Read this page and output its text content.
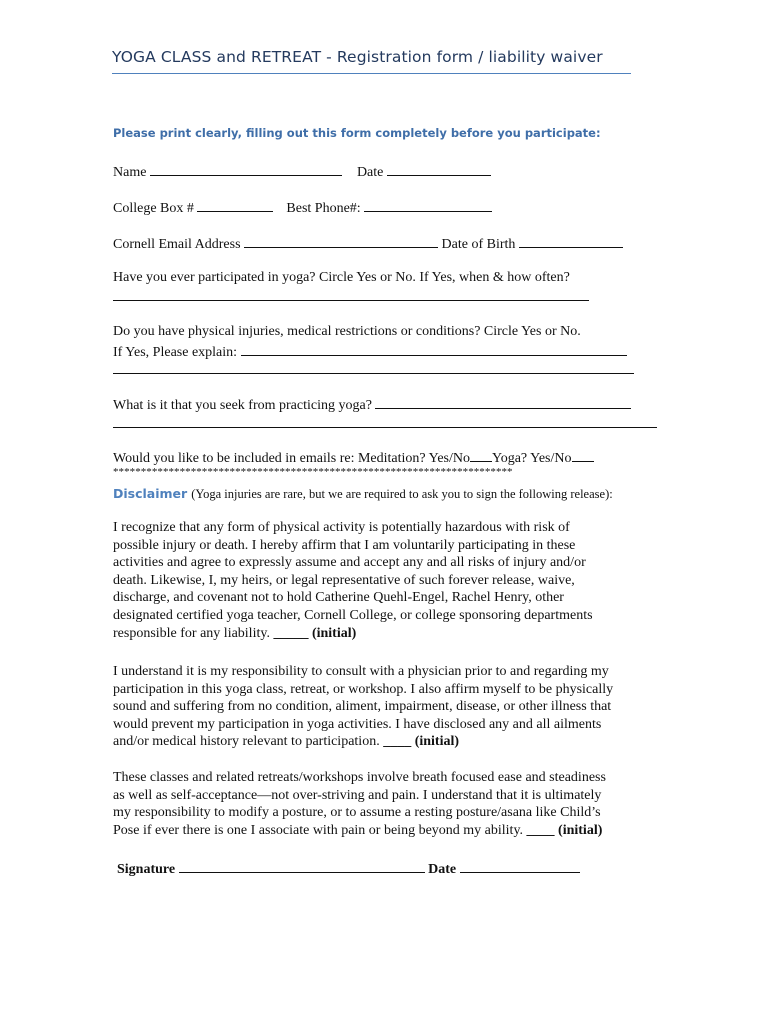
YOGA CLASS and RETREAT - Registration form / liability waiver
Please print clearly, filling out this form completely before you participate:
Name	Date
College Box #	Best Phone#:
Cornell Email Address	Date of Birth
Have you ever participated in yoga? Circle Yes or No. If Yes, when & how often?
Do you have physical injuries, medical restrictions or conditions? Circle Yes or No.
If Yes, Please explain:
What is it that you seek from practicing yoga?
Would you like to be included in emails re: Meditation? Yes/No Yoga? Yes/No
************************************************************************
Disclaimer (Yoga injuries are rare, but we are required to ask you to sign the following release):
I recognize that any form of physical activity is potentially hazardous with risk of
possible injury or death. I hereby affirm that I am voluntarily participating in these
activities and agree to expressly assume and accept any and all risks of injury and/or
death. Likewise, I, my heirs, or legal representative of such forever release, waive,
discharge, and covenant not to hold Catherine Quehl-Engel, Rachel Henry, other
designated certified yoga teacher, Cornell College, or college sponsoring departments
responsible for any liability. _____ (initial)
I understand it is my responsibility to consult with a physician prior to and regarding my
participation in this yoga class, retreat, or workshop. I also affirm myself to be physically
sound and suffering from no condition, aliment, impairment, disease, or other illness that
would prevent my participation in yoga activities. I have disclosed any and all ailments
and/or medical history relevant to participation. ____ (initial)
These classes and related retreats/workshops involve breath focused ease and steadiness
as well as self-acceptance—not over-striving and pain. I understand that it is ultimately
my responsibility to modify a posture, or to assume a resting posture/asana like Child’s
Pose if ever there is one I associate with pain or being beyond my ability. ____ (initial)
Signature	Date
